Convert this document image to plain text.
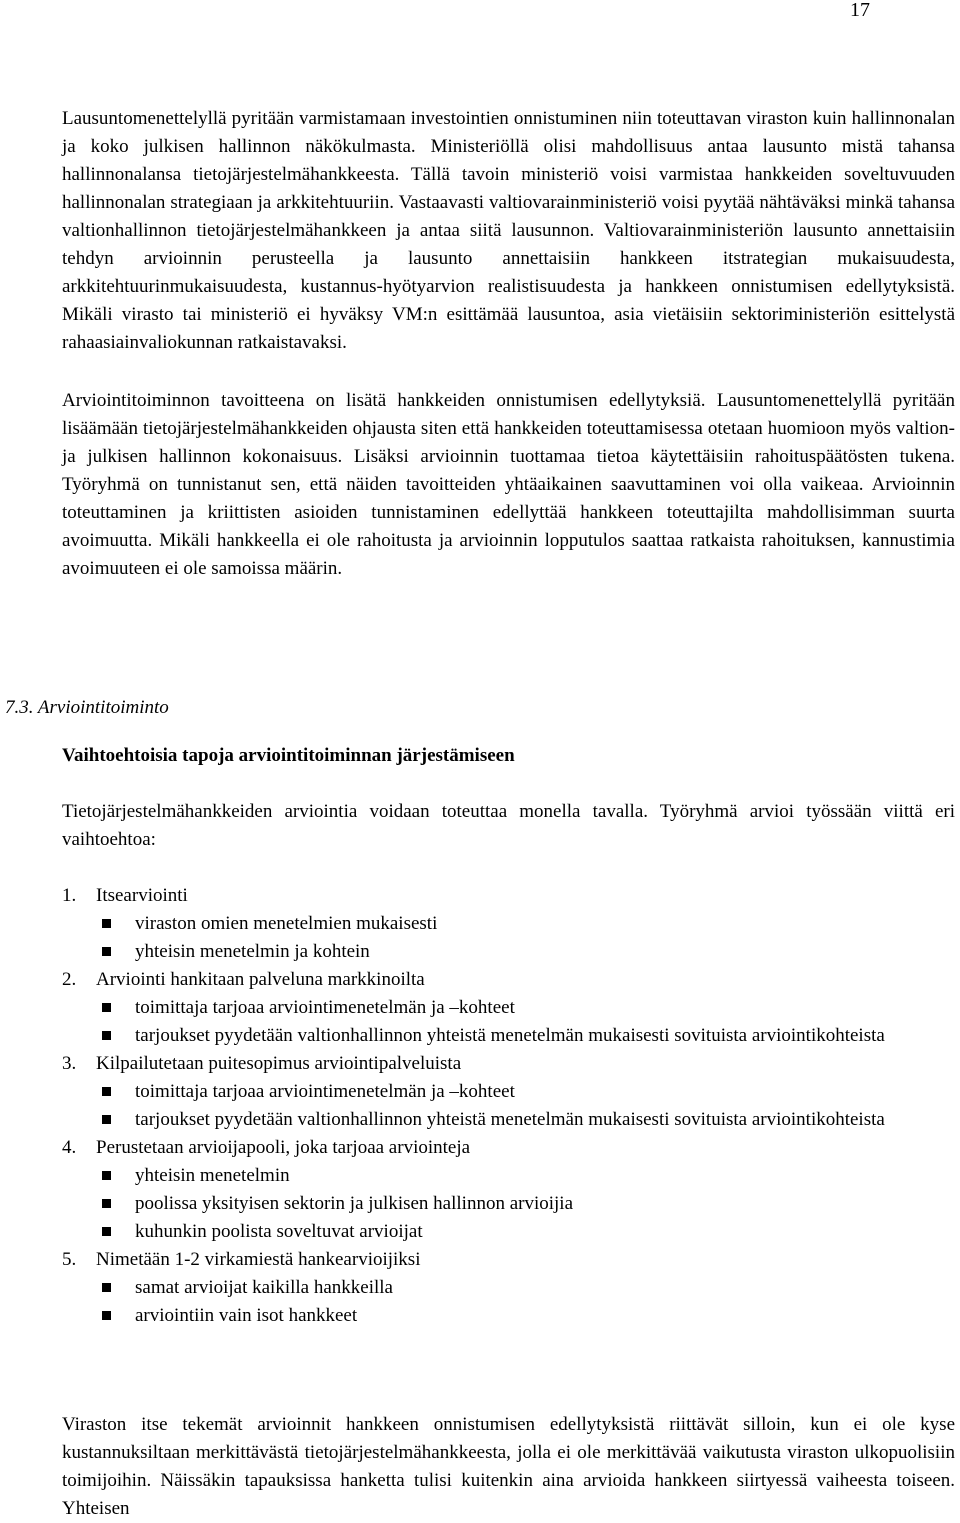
17

Lausuntomenettelyllä pyritään varmistamaan investointien onnistuminen niin toteuttavan viraston kuin hallinnonalan ja koko julkisen hallinnon näkökulmasta. Ministeriöllä olisi mahdollisuus antaa lausunto mistä tahansa hallinnonalansa tietojärjestelmähankkeesta. Tällä tavoin ministeriö voisi varmistaa hankkeiden soveltuvuuden hallinnonalan strategiaan ja arkkitehtuuriin. Vastaavasti valtiovarainministeriö voisi pyytää nähtäväksi minkä tahansa valtionhallinnon tietojärjestelmähankkeen ja antaa siitä lausunnon. Valtiovarainministeriön lausunto annettaisiin tehdyn arvioinnin perusteella ja lausunto annettaisiin hankkeen itstrategian mukaisuudesta, arkkitehtuurinmukaisuudesta, kustannus-hyötyarvion realistisuudesta ja hankkeen onnistumisen edellytyksistä. Mikäli virasto tai ministeriö ei hyväksy VM:n esittämää lausuntoa, asia vietäisiin sektoriministeriön esittelystä rahaasiainvaliokunnan ratkaistavaksi.

Arviointitoiminnon tavoitteena on lisätä hankkeiden onnistumisen edellytyksiä. Lausuntomenettelyllä pyritään lisäämään tietojärjestelmähankkeiden ohjausta siten että hankkeiden toteuttamisessa otetaan huomioon myös valtion- ja julkisen hallinnon kokonaisuus. Lisäksi arvioinnin tuottamaa tietoa käytettäisiin rahoituspäätösten tukena. Työryhmä on tunnistanut sen, että näiden tavoitteiden yhtäaikainen saavuttaminen voi olla vaikeaa. Arvioinnin toteuttaminen ja kriittisten asioiden tunnistaminen edellyttää hankkeen toteuttajilta mahdollisimman suurta avoimuutta. Mikäli hankkeella ei ole rahoitusta ja arvioinnin lopputulos saattaa ratkaista rahoituksen, kannustimia avoimuuteen ei ole samoissa määrin.

7.3. Arviointitoiminto
Vaihtoehtoisia tapoja arviointitoiminnan järjestämiseen

Tietojärjestelmähankkeiden arviointia voidaan toteuttaa monella tavalla. Työryhmä arvioi työssään viittä eri vaihtoehtoa:

1. Itsearviointi
viraston omien menetelmien mukaisesti
yhteisin menetelmin ja kohtein
2. Arviointi hankitaan palveluna markkinoilta
toimittaja tarjoaa arviointimenetelmän ja –kohteet
tarjoukset pyydetään valtionhallinnon yhteistä menetelmän mukaisesti sovituista arviointikohteista
3. Kilpailutetaan puitesopimus arviointipalveluista
toimittaja tarjoaa arviointimenetelmän ja –kohteet
tarjoukset pyydetään valtionhallinnon yhteistä menetelmän mukaisesti sovituista arviointikohteista
4. Perustetaan arvioijapooli, joka tarjoaa arviointeja
yhteisin menetelmin
poolissa yksityisen sektorin ja julkisen hallinnon arvioijia
kuhunkin poolista soveltuvat arvioijat
5. Nimetään 1-2 virkamiestä hankearvioijiksi
samat arvioijat kaikilla hankkeilla
arviointiin vain isot hankkeet

Viraston itse tekemät arvioinnit hankkeen onnistumisen edellytyksistä riittävät silloin, kun ei ole kyse kustannuksiltaan merkittävästä tietojärjestelmähankkeesta, jolla ei ole merkittävää vaikutusta viraston ulkopuolisiin toimijoihin. Näissäkin tapauksissa hanketta tulisi kuitenkin aina arvioida hankkeen siirtyessä vaiheesta toiseen. Yhteisen
